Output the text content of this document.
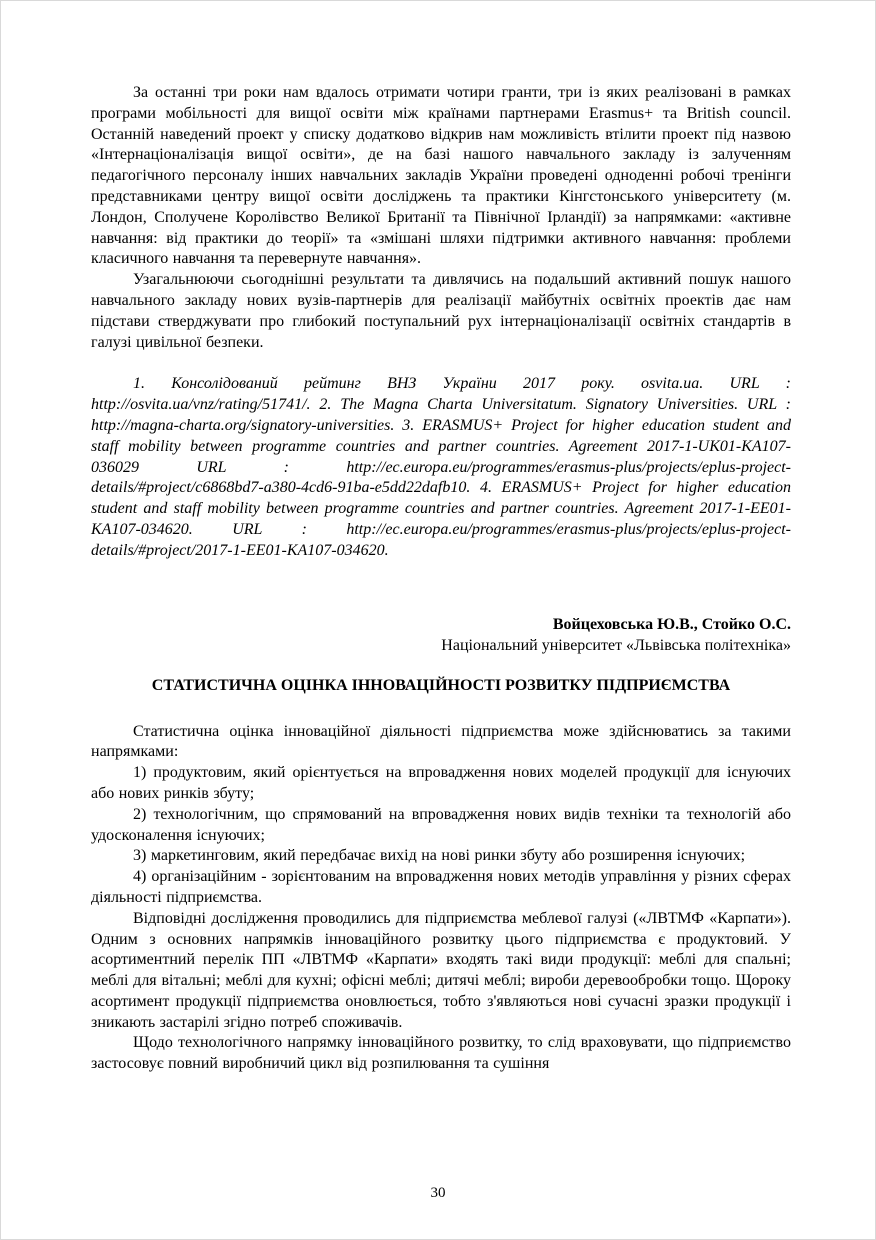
За останні три роки нам вдалось отримати чотири гранти, три із яких реалізовані в рамках програми мобільності для вищої освіти між країнами партнерами Erasmus+ та British council. Останній наведений проект у списку додатково відкрив нам можливість втілити проект під назвою «Інтернаціоналізація вищої освіти», де на базі нашого навчального закладу із залученням педагогічного персоналу інших навчальних закладів України проведені одноденні робочі тренінги представниками центру вищої освіти досліджень та практики Кінгстонського університету (м. Лондон, Сполучене Королівство Великої Британії та Північної Ірландії) за напрямками: «активне навчання: від практики до теорії» та «змішані шляхи підтримки активного навчання: проблеми класичного навчання та перевернуте навчання».

Узагальнюючи сьогоднішні результати та дивлячись на подальший активний пошук нашого навчального закладу нових вузів-партнерів для реалізації майбутніх освітніх проектів дає нам підстави стверджувати про глибокий поступальний рух інтернаціоналізації освітніх стандартів в галузі цивільної безпеки.

1. Консолідований рейтинг ВНЗ України 2017 року. osvita.ua. URL : http://osvita.ua/vnz/rating/51741/. 2. The Magna Charta Universitatum. Signatory Universities. URL : http://magna-charta.org/signatory-universities. 3. ERASMUS+ Project for higher education student and staff mobility between programme countries and partner countries. Agreement 2017-1-UK01-KA107-036029 URL : http://ec.europa.eu/programmes/erasmus-plus/projects/eplus-project-details/#project/c6868bd7-a380-4cd6-91ba-e5dd22dafb10. 4. ERASMUS+ Project for higher education student and staff mobility between programme countries and partner countries. Agreement 2017-1-EE01-KA107-034620. URL : http://ec.europa.eu/programmes/erasmus-plus/projects/eplus-project-details/#project/2017-1-EE01-KA107-034620.

Войцеховська Ю.В., Стойко О.С.
Національний університет «Львівська політехніка»
СТАТИСТИЧНА ОЦІНКА ІННОВАЦІЙНОСТІ РОЗВИТКУ ПІДПРИЄМСТВА

Статистична оцінка інноваційної діяльності підприємства може здійснюватись за такими напрямками:

1) продуктовим, який орієнтується на впровадження нових моделей продукції для існуючих або нових ринків збуту;

2) технологічним, що спрямований на впровадження нових видів техніки та технологій або удосконалення існуючих;

3) маркетинговим, який передбачає вихід на нові ринки збуту або розширення існуючих;

4) організаційним - зорієнтованим на впровадження нових методів управління у різних сферах діяльності підприємства.

Відповідні дослідження проводились для підприємства меблевої галузі («ЛВТМФ «Карпати»). Одним з основних напрямків інноваційного розвитку цього підприємства є продуктовий. У асортиментний перелік ПП «ЛВТМФ «Карпати» входять такі види продукції: меблі для спальні; меблі для вітальні; меблі для кухні; офісні меблі; дитячі меблі; вироби деревообробки тощо. Щороку асортимент продукції підприємства оновлюється, тобто з'являються нові сучасні зразки продукції і зникають застарілі згідно потреб споживачів.

Щодо технологічного напрямку інноваційного розвитку, то слід враховувати, що підприємство застосовує повний виробничий цикл від розпилювання та сушіння

30
